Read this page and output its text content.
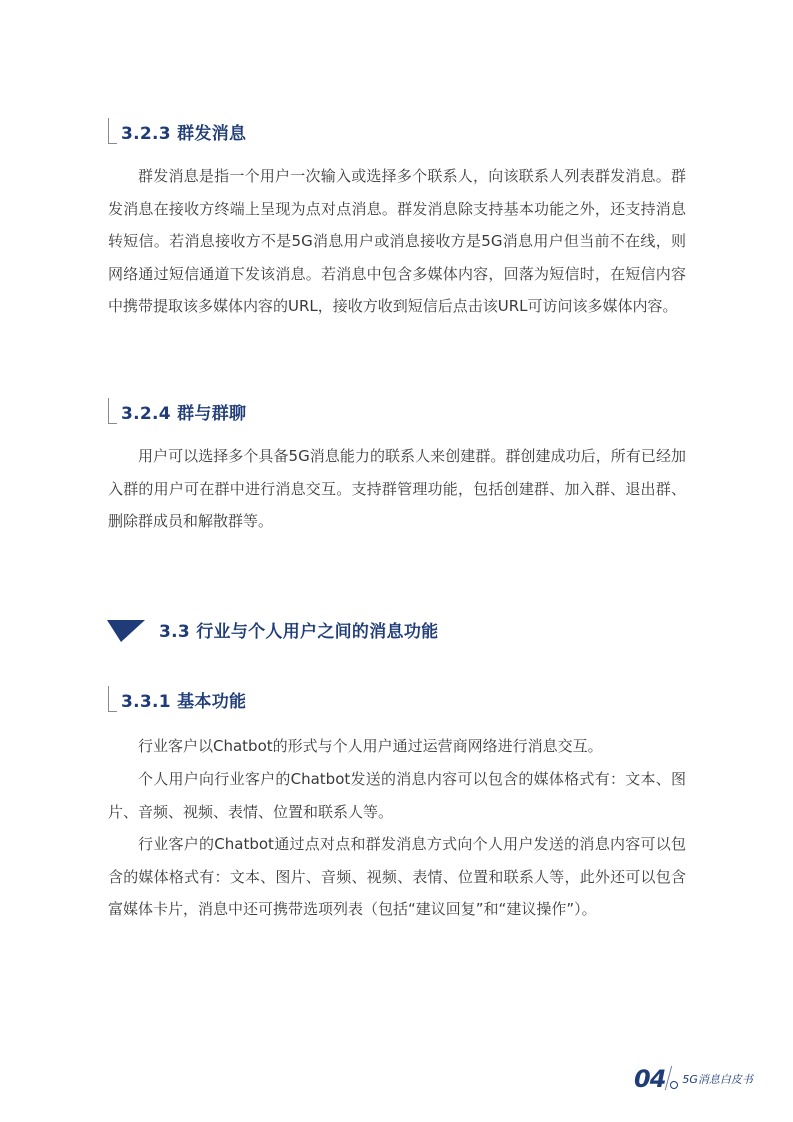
3.2.3 群发消息

群发消息是指一个用户一次输入或选择多个联系人，向该联系人列表群发消息。群发消息在接收方终端上呈现为点对点消息。群发消息除支持基本功能之外，还支持消息转短信。若消息接收方不是5G消息用户或消息接收方是5G消息用户但当前不在线，则网络通过短信通道下发该消息。若消息中包含多媒体内容，回落为短信时，在短信内容中携带提取该多媒体内容的URL，接收方收到短信后点击该URL可访问该多媒体内容。

3.2.4 群与群聊

用户可以选择多个具备5G消息能力的联系人来创建群。群创建成功后，所有已经加入群的用户可在群中进行消息交互。支持群管理功能，包括创建群、加入群、退出群、删除群成员和解散群等。

3.3 行业与个人用户之间的消息功能
3.3.1 基本功能

行业客户以Chatbot的形式与个人用户通过运营商网络进行消息交互。

个人用户向行业客户的Chatbot发送的消息内容可以包含的媒体格式有：文本、图片、音频、视频、表情、位置和联系人等。

行业客户的Chatbot通过点对点和群发消息方式向个人用户发送的消息内容可以包含的媒体格式有：文本、图片、音频、视频、表情、位置和联系人等，此外还可以包含富媒体卡片，消息中还可携带选项列表（包括“建议回复”和“建议操作”）。

04 5G消息白皮书
